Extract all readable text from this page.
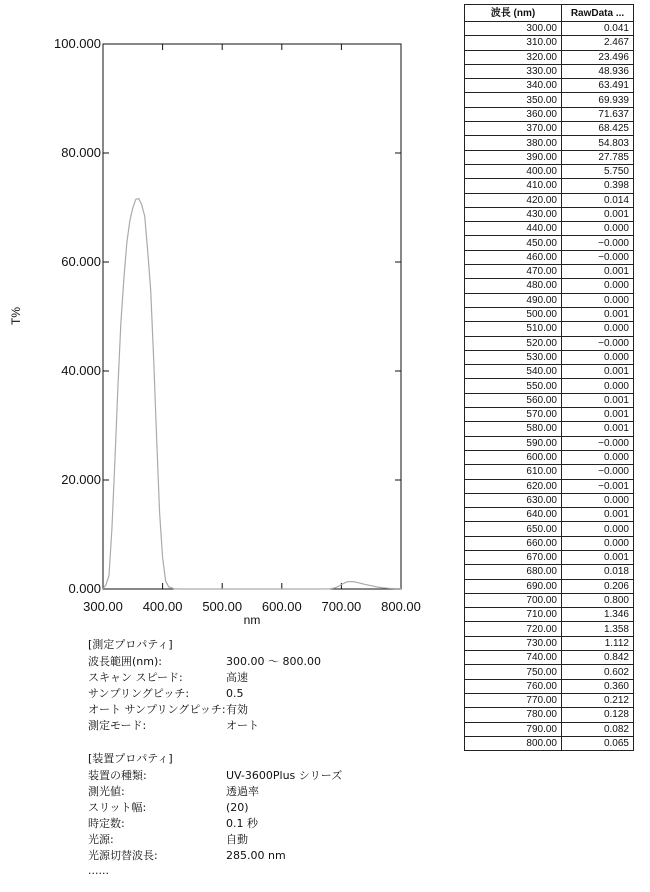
0.000
20.000
40.000
60.000
80.000
100.000
300.00 400.00 500.00 600.00 700.00 800.00
nm
T%
[測定プロパティ]
波長範囲(nm):	300.00 ～ 800.00
スキャン スピード:	高速
サンプリングピッチ:	0.5
オート サンプリングピッチ: 有効
測定モード:	オート
[装置プロパティ]
装置の種類:	UV-3600Plus シリーズ
測光値:	透過率
スリット幅:	(20)
時定数:	0.1 秒
光源:	自動
光源切替波長:	285.00 nm
......
波長 (nm)	RawData ...
300.00	0.041
310.00	2.467
320.00	23.496
330.00	48.936
340.00	63.491
350.00	69.939
360.00	71.637
370.00	68.425
380.00	54.803
390.00	27.785
400.00	5.750
410.00	0.398
420.00	0.014
430.00	0.001
440.00	0.000
450.00	−0.000
460.00	−0.000
470.00	0.001
480.00	0.000
490.00	0.000
500.00	0.001
510.00	0.000
520.00	−0.000
530.00	0.000
540.00	0.001
550.00	0.000
560.00	0.001
570.00	0.001
580.00	0.001
590.00	−0.000
600.00	0.000
610.00	−0.000
620.00	−0.001
630.00	0.000
640.00	0.001
650.00	0.000
660.00	0.000
670.00	0.001
680.00	0.018
690.00	0.206
700.00	0.800
710.00	1.346
720.00	1.358
730.00	1.112
740.00	0.842
750.00	0.602
760.00	0.360
770.00	0.212
780.00	0.128
790.00	0.082
800.00	0.065
